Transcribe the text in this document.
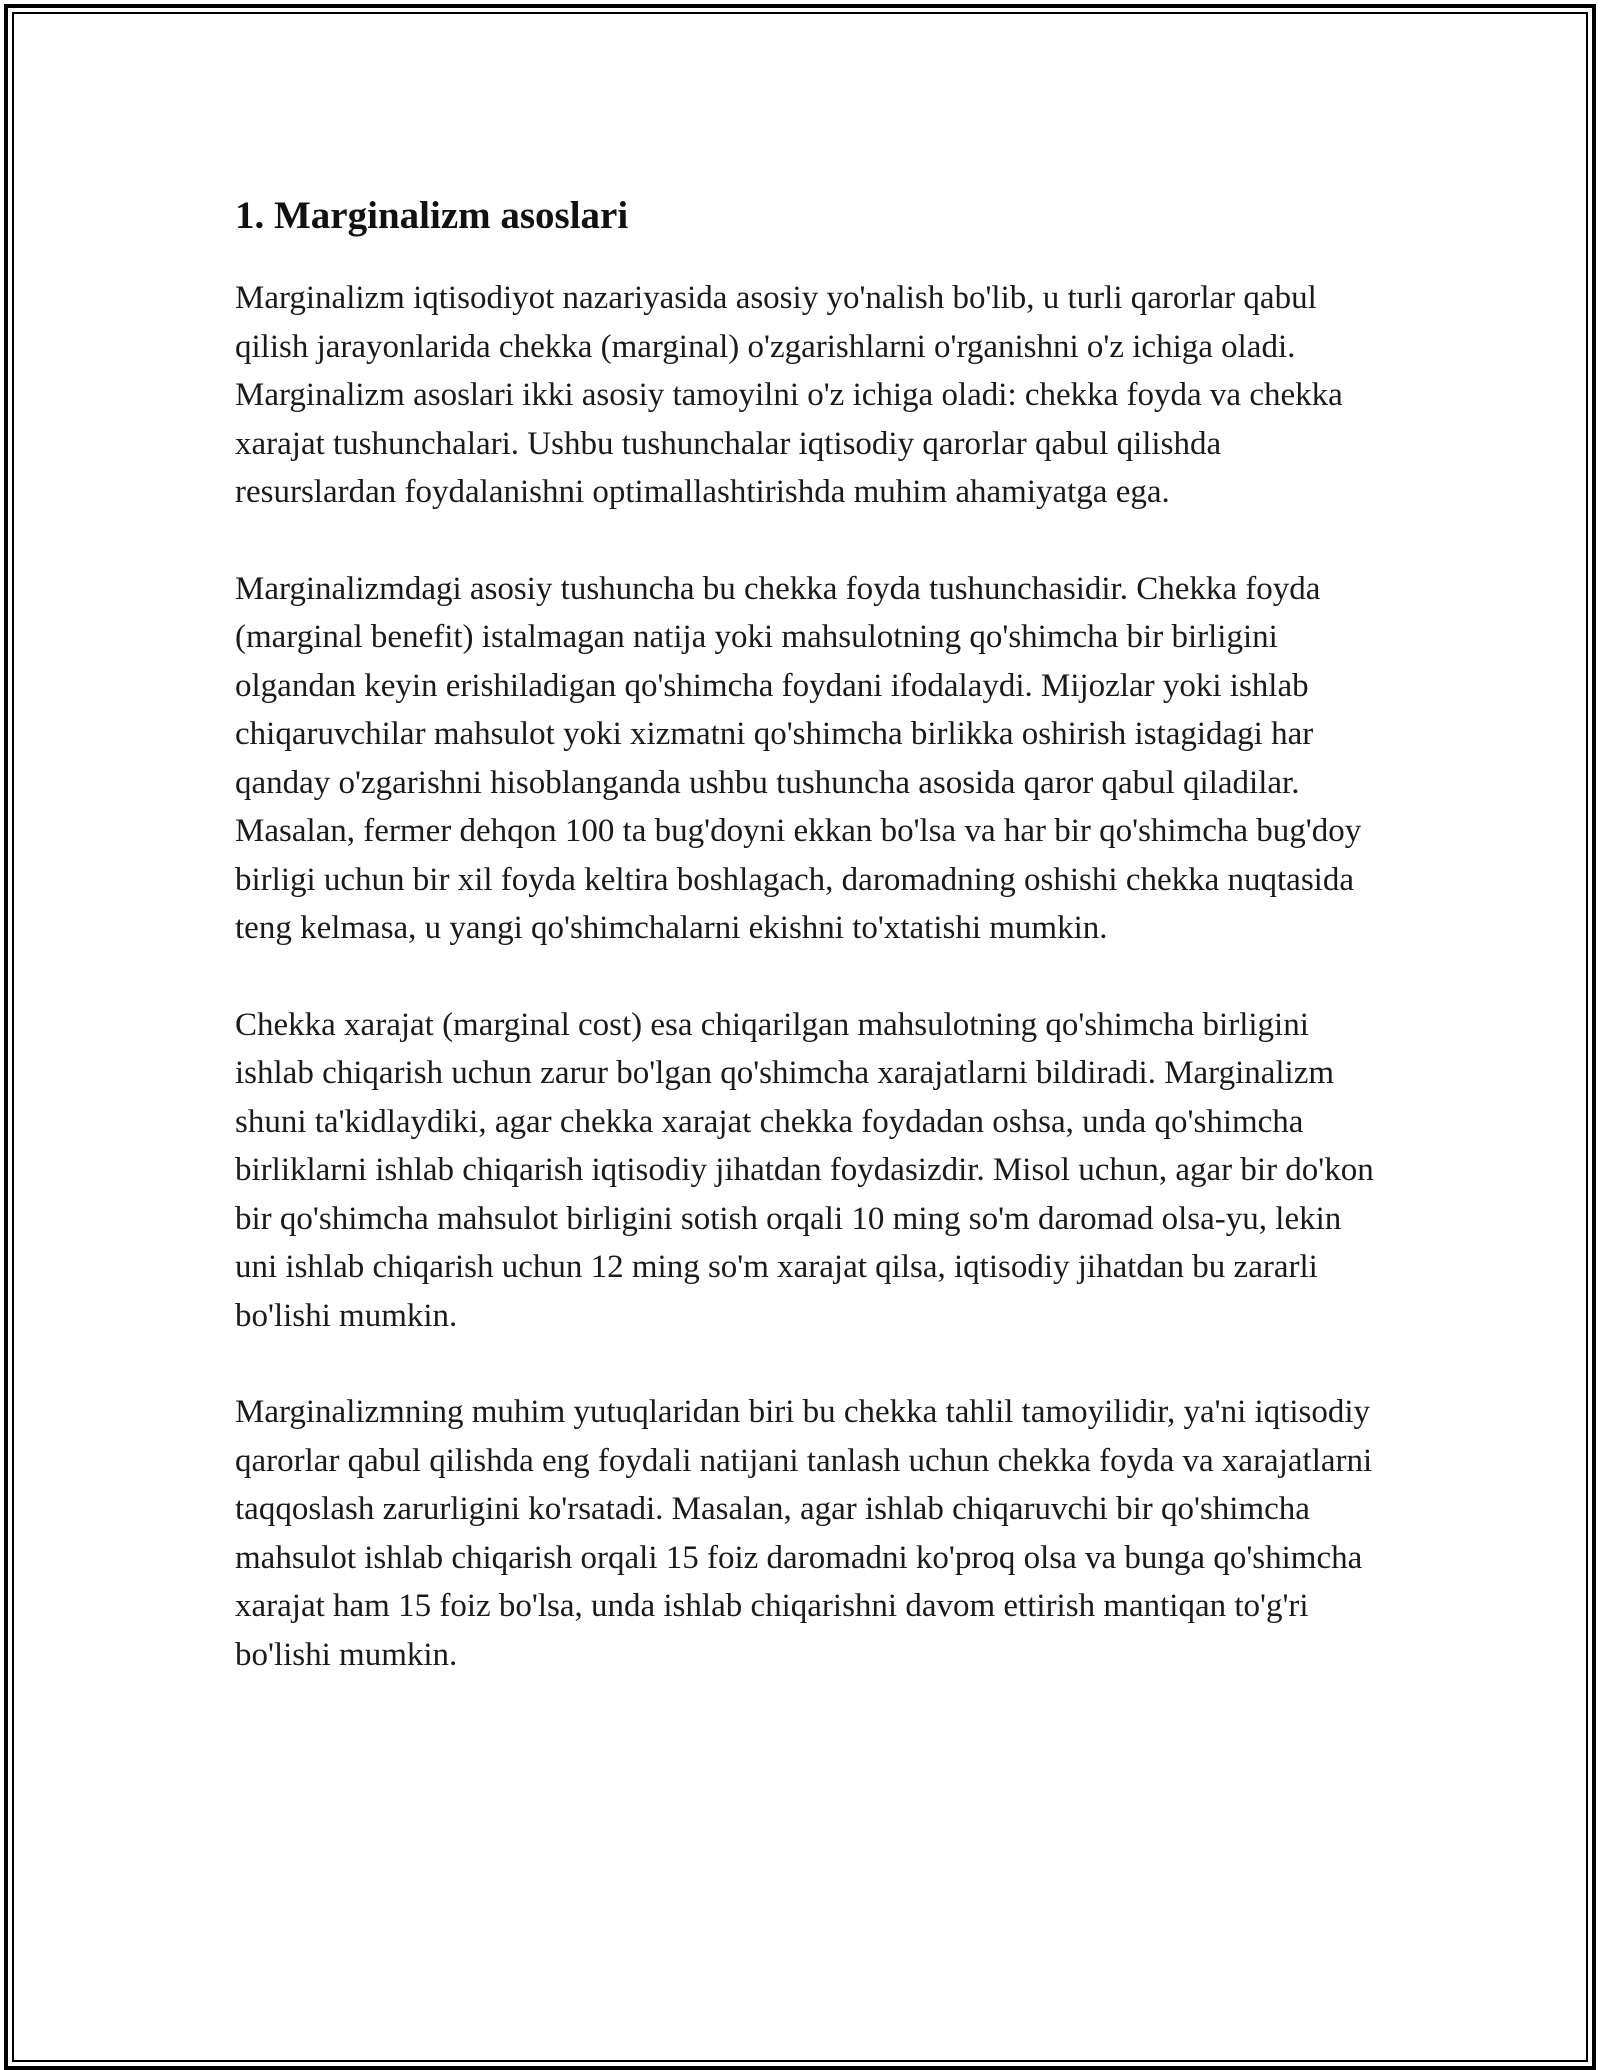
1. Marginalizm asoslari

Marginalizm iqtisodiyot nazariyasida asosiy yo'nalish bo'lib, u turli qarorlar qabul qilish jarayonlarida chekka (marginal) o'zgarishlarni o'rganishni o'z ichiga oladi. Marginalizm asoslari ikki asosiy tamoyilni o'z ichiga oladi: chekka foyda va chekka xarajat tushunchalari. Ushbu tushunchalar iqtisodiy qarorlar qabul qilishda resurslardan foydalanishni optimallashtirishda muhim ahamiyatga ega.

Marginalizmdagi asosiy tushuncha bu chekka foyda tushunchasidir. Chekka foyda (marginal benefit) istalmagan natija yoki mahsulotning qo'shimcha bir birligini olgandan keyin erishiladigan qo'shimcha foydani ifodalaydi. Mijozlar yoki ishlab chiqaruvchilar mahsulot yoki xizmatni qo'shimcha birlikka oshirish istagidagi har qanday o'zgarishni hisoblanganda ushbu tushuncha asosida qaror qabul qiladilar. Masalan, fermer dehqon 100 ta bug'doyni ekkan bo'lsa va har bir qo'shimcha bug'doy birligi uchun bir xil foyda keltira boshlagach, daromadning oshishi chekka nuqtasida teng kelmasa, u yangi qo'shimchalarni ekishni to'xtatishi mumkin.

Chekka xarajat (marginal cost) esa chiqarilgan mahsulotning qo'shimcha birligini ishlab chiqarish uchun zarur bo'lgan qo'shimcha xarajatlarni bildiradi. Marginalizm shuni ta'kidlaydiki, agar chekka xarajat chekka foydadan oshsa, unda qo'shimcha birliklarni ishlab chiqarish iqtisodiy jihatdan foydasizdir. Misol uchun, agar bir do'kon bir qo'shimcha mahsulot birligini sotish orqali 10 ming so'm daromad olsa-yu, lekin uni ishlab chiqarish uchun 12 ming so'm xarajat qilsa, iqtisodiy jihatdan bu zararli bo'lishi mumkin.

Marginalizmning muhim yutuqlaridan biri bu chekka tahlil tamoyilidir, ya'ni iqtisodiy qarorlar qabul qilishda eng foydali natijani tanlash uchun chekka foyda va xarajatlarni taqqoslash zarurligini ko'rsatadi. Masalan, agar ishlab chiqaruvchi bir qo'shimcha mahsulot ishlab chiqarish orqali 15 foiz daromadni ko'proq olsa va bunga qo'shimcha xarajat ham 15 foiz bo'lsa, unda ishlab chiqarishni davom ettirish mantiqan to'g'ri bo'lishi mumkin.
